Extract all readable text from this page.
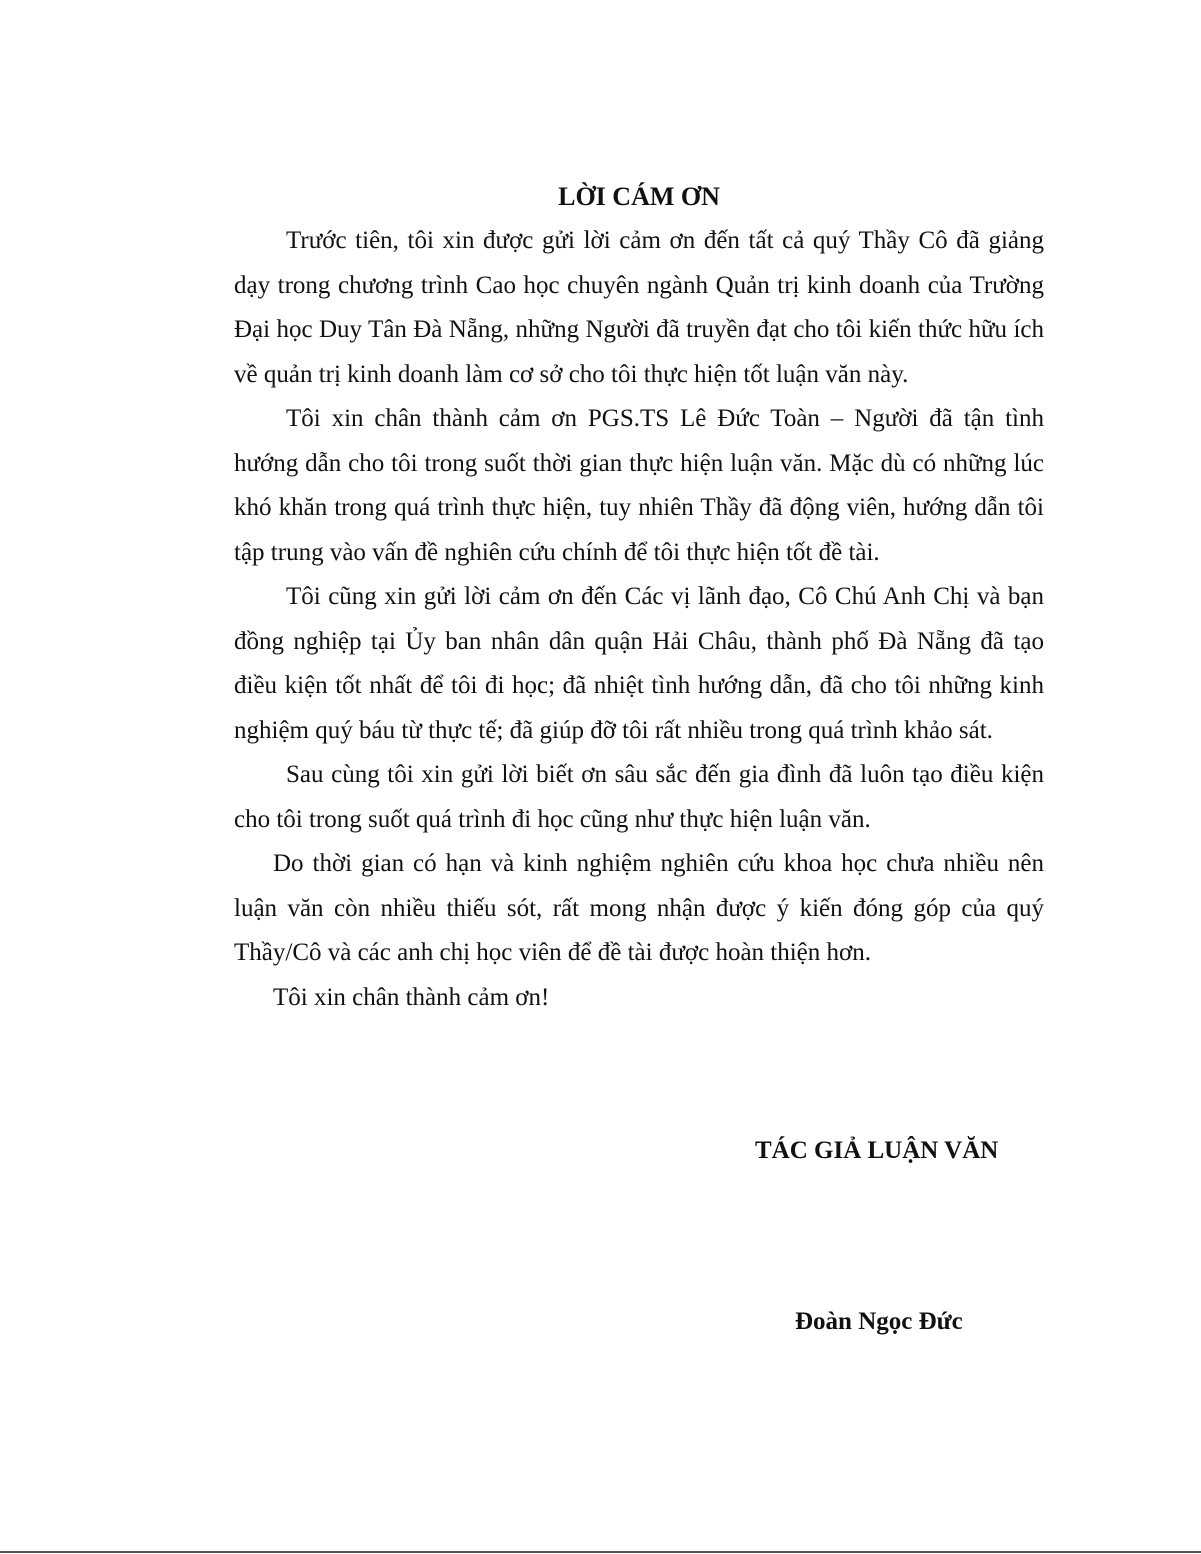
LỜI CÁM ƠN

Trước tiên, tôi xin được gửi lời cảm ơn đến tất cả quý Thầy Cô đã giảng dạy trong chương trình Cao học chuyên ngành Quản trị kinh doanh của Trường Đại học Duy Tân Đà Nẵng, những Người đã truyền đạt cho tôi kiến thức hữu ích về quản trị kinh doanh làm cơ sở cho tôi thực hiện tốt luận văn này.

Tôi xin chân thành cảm ơn PGS.TS Lê Đức Toàn – Người đã tận tình hướng dẫn cho tôi trong suốt thời gian thực hiện luận văn. Mặc dù có những lúc khó khăn trong quá trình thực hiện, tuy nhiên Thầy đã động viên, hướng dẫn tôi tập trung vào vấn đề nghiên cứu chính để tôi thực hiện tốt đề tài.

Tôi cũng xin gửi lời cảm ơn đến Các vị lãnh đạo, Cô Chú Anh Chị và bạn đồng nghiệp tại Ủy ban nhân dân quận Hải Châu, thành phố Đà Nẵng đã tạo điều kiện tốt nhất để tôi đi học; đã nhiệt tình hướng dẫn, đã cho tôi những kinh nghiệm quý báu từ thực tế; đã giúp đỡ tôi rất nhiều trong quá trình khảo sát.

Sau cùng tôi xin gửi lời biết ơn sâu sắc đến gia đình đã luôn tạo điều kiện cho tôi trong suốt quá trình đi học cũng như thực hiện luận văn.

Do thời gian có hạn và kinh nghiệm nghiên cứu khoa học chưa nhiều nên luận văn còn nhiều thiếu sót, rất mong nhận được ý kiến đóng góp của quý Thầy/Cô và các anh chị học viên để đề tài được hoàn thiện hơn.

Tôi xin chân thành cảm ơn!

TÁC GIẢ LUẬN VĂN
Đoàn Ngọc Đức
